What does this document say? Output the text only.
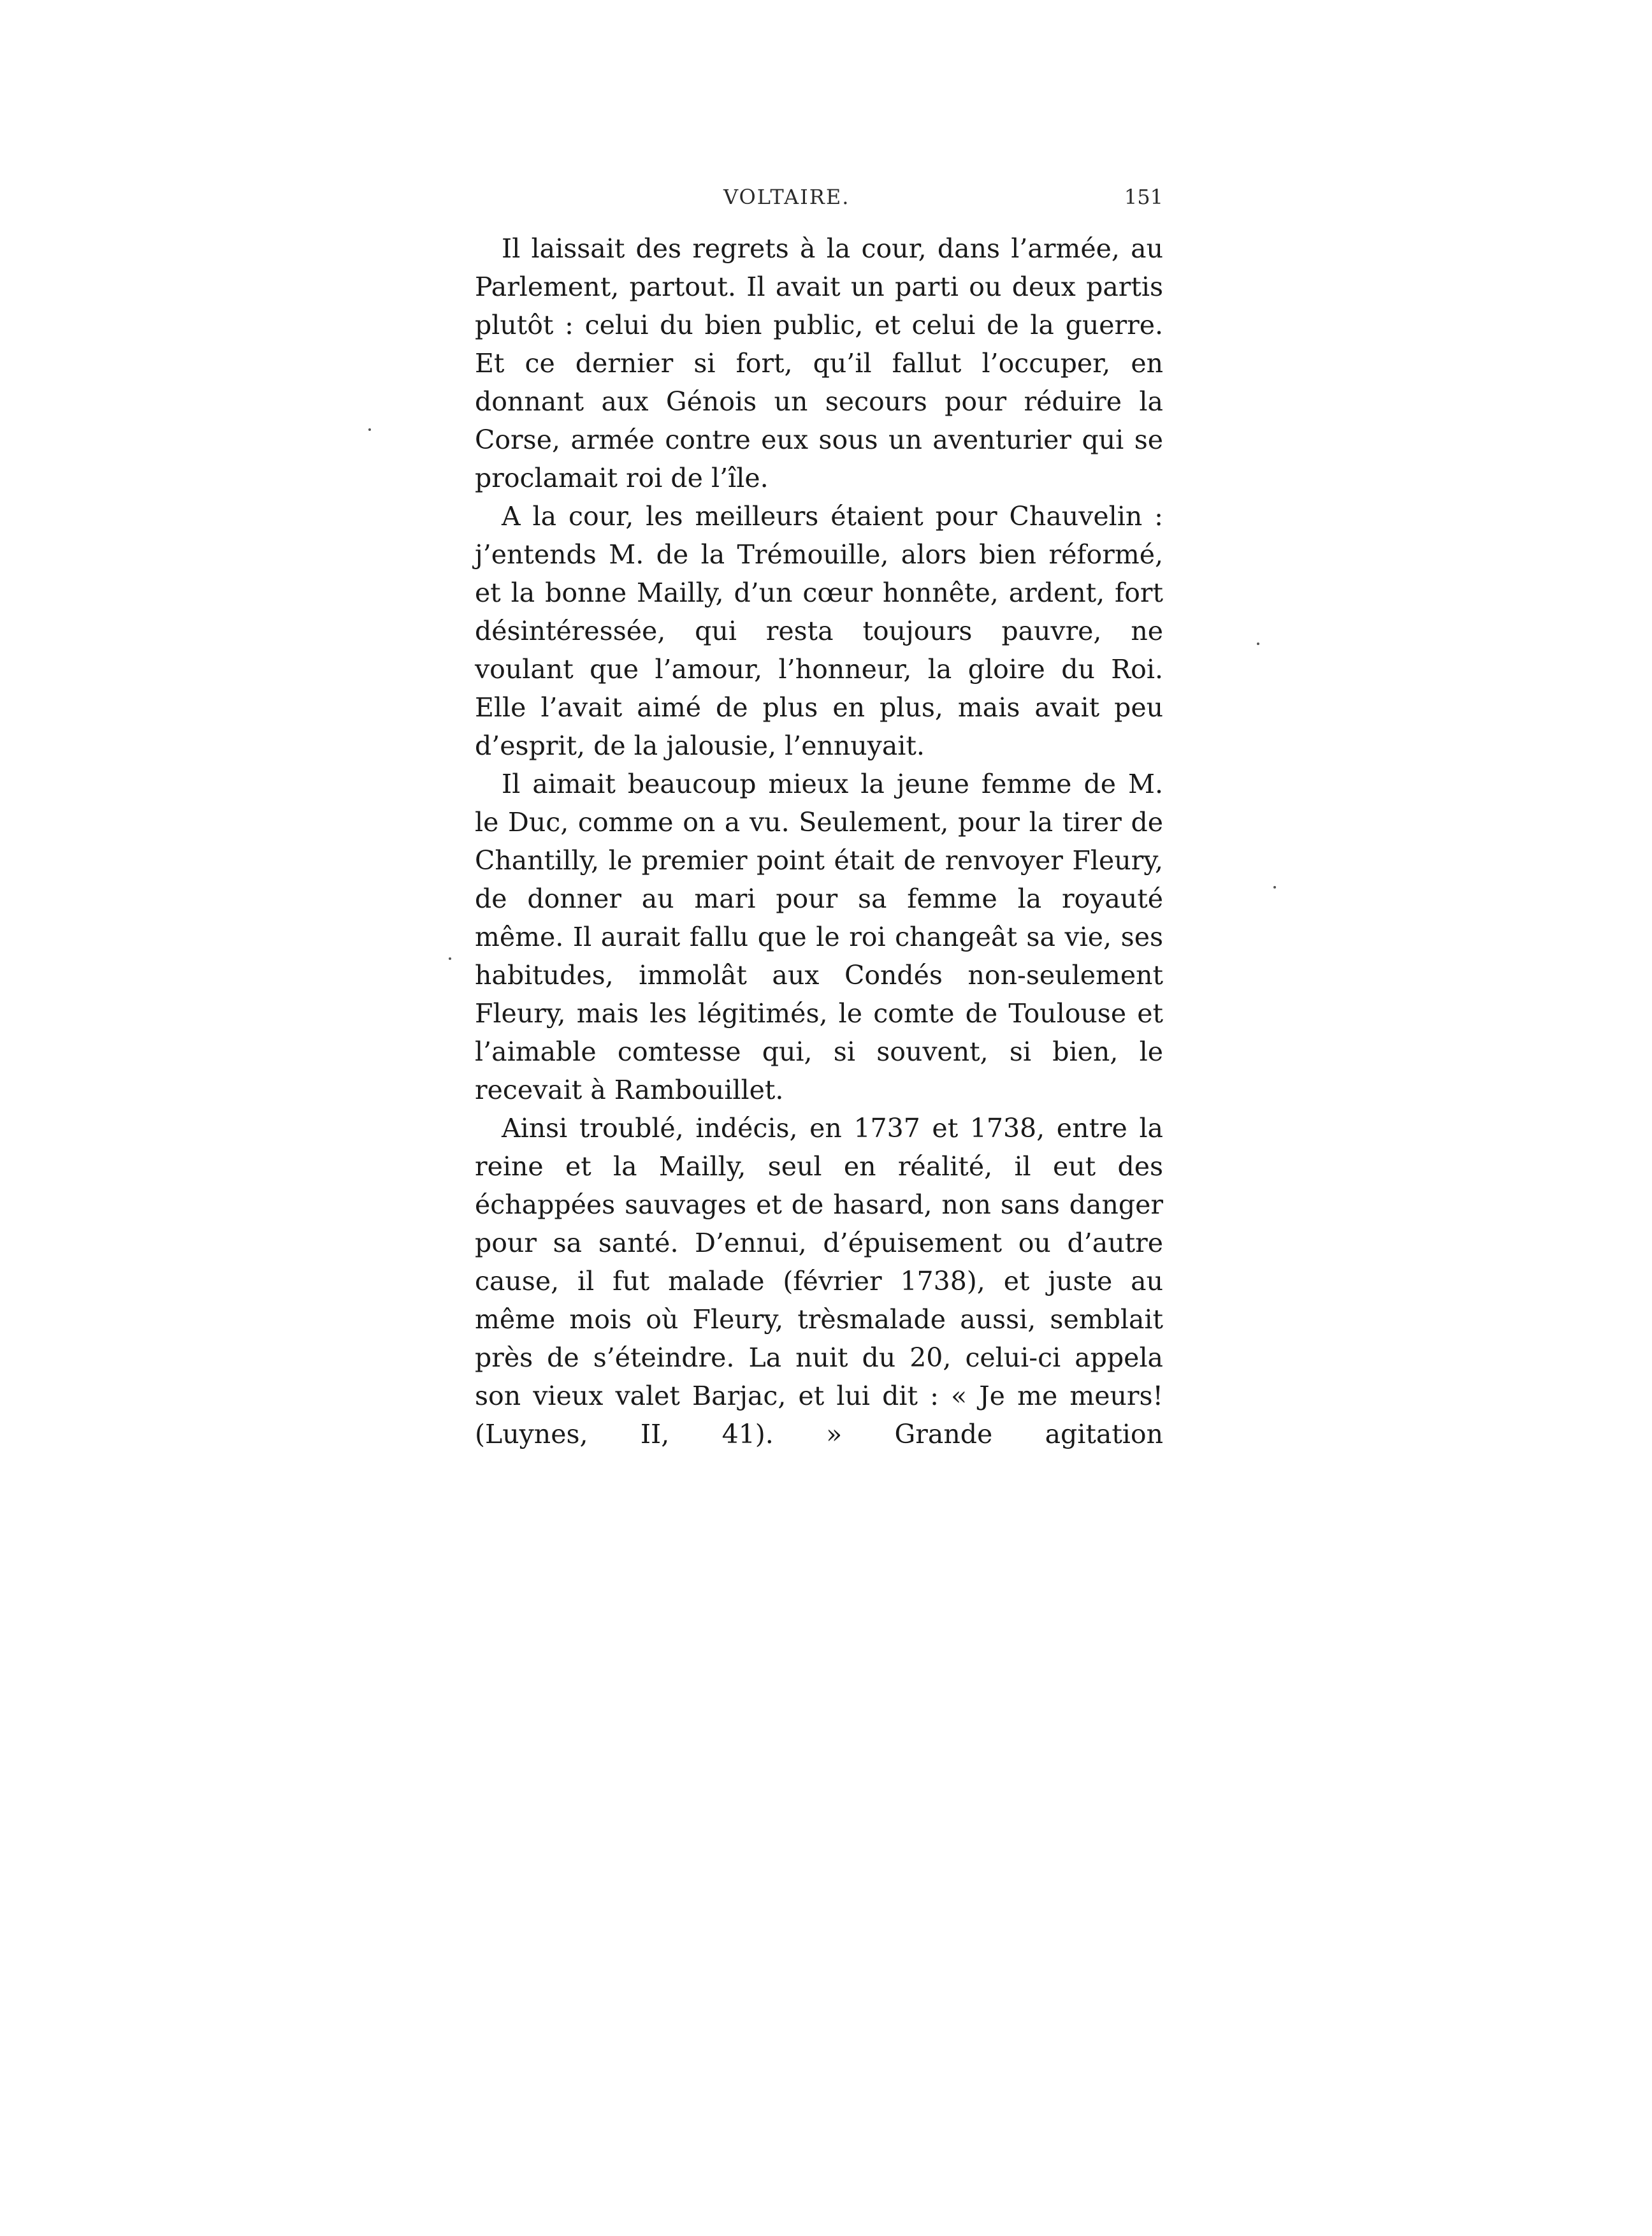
VOLTAIRE.	151

Il laissait des regrets à la cour, dans l’armée, au Parlement, partout. Il avait un parti ou deux partis plutôt : celui du bien public, et celui de la guerre. Et ce dernier si fort, qu’il fallut l’occuper, en donnant aux Génois un secours pour réduire la Corse, armée contre eux sous un aventurier qui se proclamait roi de l’île.

A la cour, les meilleurs étaient pour Chauvelin : j’entends M. de la Trémouille, alors bien réformé, et la bonne Mailly, d’un cœur honnête, ardent, fort désintéressée, qui resta toujours pauvre, ne voulant que l’amour, l’honneur, la gloire du Roi. Elle l’avait aimé de plus en plus, mais avait peu d’esprit, de la jalousie, l’ennuyait.

Il aimait beaucoup mieux la jeune femme de M. le Duc, comme on a vu. Seulement, pour la tirer de Chantilly, le premier point était de renvoyer Fleury, de donner au mari pour sa femme la royauté même. Il aurait fallu que le roi changeât sa vie, ses habitudes, immolât aux Condés non-seulement Fleury, mais les légitimés, le comte de Toulouse et l’aimable comtesse qui, si souvent, si bien, le recevait à Rambouillet.

Ainsi troublé, indécis, en 1737 et 1738, entre la reine et la Mailly, seul en réalité, il eut des échappées sauvages et de hasard, non sans danger pour sa santé. D’ennui, d’épuisement ou d’autre cause, il fut malade (février 1738), et juste au même mois où Fleury, trèsmalade aussi, semblait près de s’éteindre. La nuit du 20, celui-ci appela son vieux valet Barjac, et lui dit : « Je me meurs! (Luynes, II, 41). » Grande agitation
